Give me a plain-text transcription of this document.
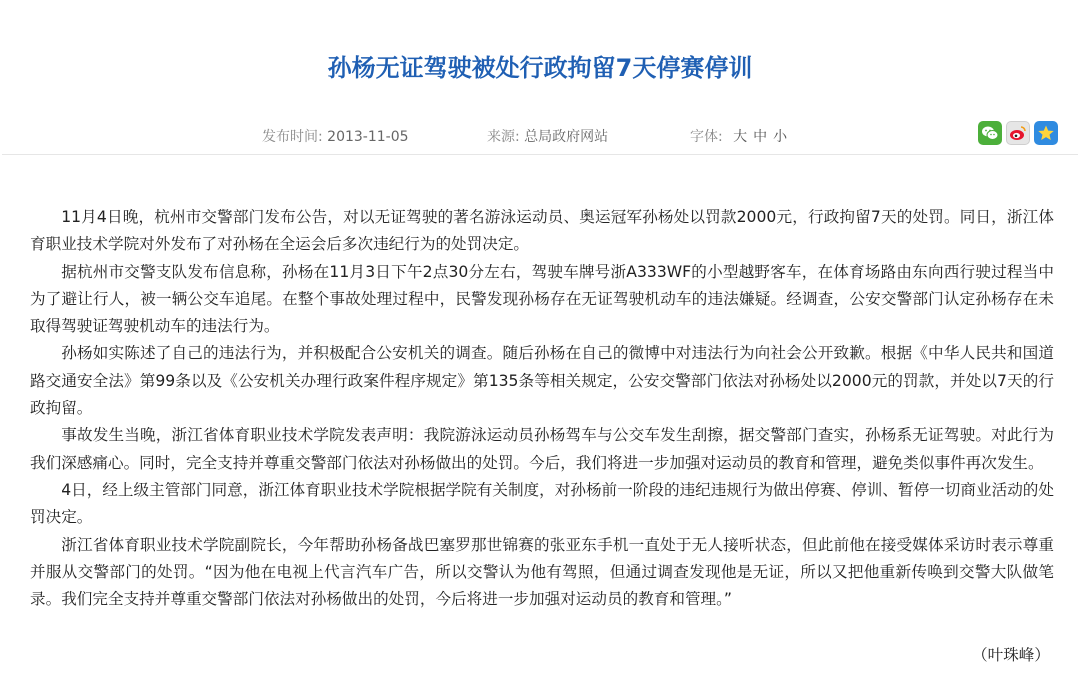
孙杨无证驾驶被处行政拘留7天停赛停训
发布时间: 2013-11-05	来源: 总局政府网站	字体: 大 中 小

11月4日晚，杭州市交警部门发布公告，对以无证驾驶的著名游泳运动员、奥运冠军孙杨处以罚款2000元，行政拘留7天的处罚。同日，浙江体育职业技术学院对外发布了对孙杨在全运会后多次违纪行为的处罚决定。

据杭州市交警支队发布信息称，孙杨在11月3日下午2点30分左右，驾驶车牌号浙A333WF的小型越野客车，在体育场路由东向西行驶过程当中为了避让行人，被一辆公交车追尾。在整个事故处理过程中，民警发现孙杨存在无证驾驶机动车的违法嫌疑。经调查，公安交警部门认定孙杨存在未取得驾驶证驾驶机动车的违法行为。

孙杨如实陈述了自己的违法行为，并积极配合公安机关的调查。随后孙杨在自己的微博中对违法行为向社会公开致歉。根据《中华人民共和国道路交通安全法》第99条以及《公安机关办理行政案件程序规定》第135条等相关规定，公安交警部门依法对孙杨处以2000元的罚款，并处以7天的行政拘留。

事故发生当晚，浙江省体育职业技术学院发表声明：我院游泳运动员孙杨驾车与公交车发生刮擦，据交警部门查实，孙杨系无证驾驶。对此行为我们深感痛心。同时，完全支持并尊重交警部门依法对孙杨做出的处罚。今后，我们将进一步加强对运动员的教育和管理，避免类似事件再次发生。

4日，经上级主管部门同意，浙江体育职业技术学院根据学院有关制度，对孙杨前一阶段的违纪违规行为做出停赛、停训、暂停一切商业活动的处罚决定。

浙江省体育职业技术学院副院长，今年帮助孙杨备战巴塞罗那世锦赛的张亚东手机一直处于无人接听状态，但此前他在接受媒体采访时表示尊重并服从交警部门的处罚。“因为他在电视上代言汽车广告，所以交警认为他有驾照，但通过调查发现他是无证，所以又把他重新传唤到交警大队做笔录。我们完全支持并尊重交警部门依法对孙杨做出的处罚，今后将进一步加强对运动员的教育和管理。”

（叶珠峰）
